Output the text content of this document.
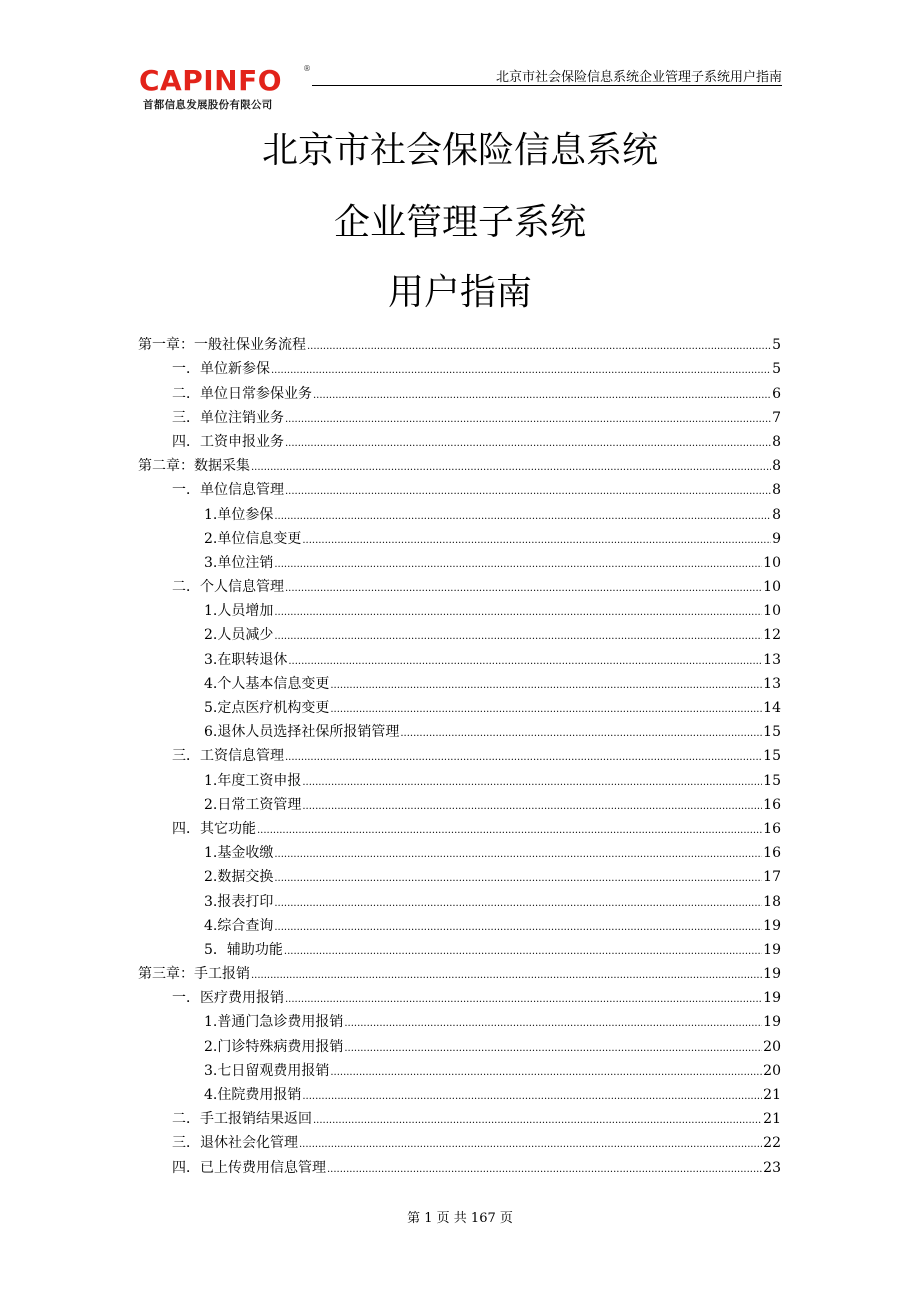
CAPINFO	®
首都信息发展股份有限公司
北京市社会保险信息系统企业管理子系统用户指南
北京市社会保险信息系统
企业管理子系统
用户指南
第一章：一般社保业务流程 .....	5
一．单位新参保 .....	5
二．单位日常参保业务 .....	6
三．单位注销业务 .....	7
四．工资申报业务 .....	8
第二章：数据采集 .....	8
一．单位信息管理 .....	8
1.单位参保 .....	8
2.单位信息变更 .....	9
3.单位注销 .....	10
二．个人信息管理 .....	10
1.人员增加 .....	10
2.人员减少 .....	12
3.在职转退休 .....	13
4.个人基本信息变更 .....	13
5.定点医疗机构变更 .....	14
6.退休人员选择社保所报销管理 .....	15
三．工资信息管理 .....	15
1.年度工资申报 .....	15
2.日常工资管理 .....	16
四．其它功能 .....	16
1.基金收缴 .....	16
2.数据交换 .....	17
3.报表打印 .....	18
4.综合查询 .....	19
5．辅助功能 .....	19
第三章：手工报销 .....	19
一．医疗费用报销 .....	19
1.普通门急诊费用报销 .....	19
2.门诊特殊病费用报销 .....	20
3.七日留观费用报销 .....	20
4.住院费用报销 .....	21
二．手工报销结果返回 .....	21
三．退休社会化管理 .....	22
四．已上传费用信息管理 .....	23
第 1 页 共 167 页
